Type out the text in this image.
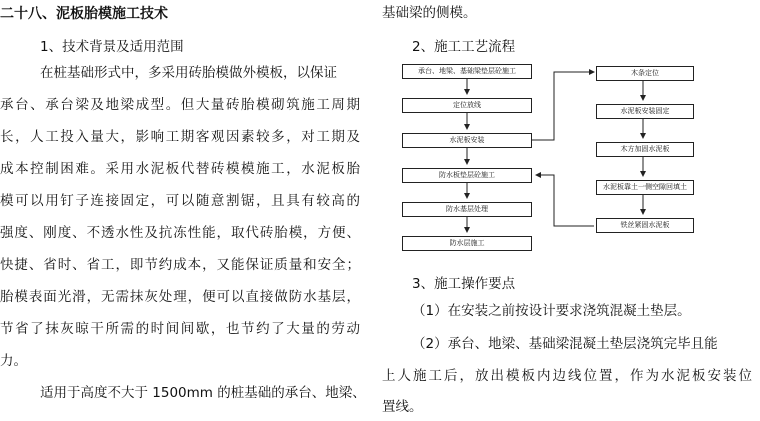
二十八、泥板胎模施工技术
1、技术背景及适用范围
在桩基础形式中，多采用砖胎模做外模板，以保证
承台、承台梁及地梁成型。但大量砖胎模砌筑施工周期
长，人工投入量大，影响工期客观因素较多，对工期及
成本控制困难。采用水泥板代替砖模模施工，水泥板胎
模可以用钉子连接固定，可以随意割锯，且具有较高的
强度、刚度、不透水性及抗冻性能，取代砖胎模，方便、
快捷、省时、省工，即节约成本，又能保证质量和安全；
胎模表面光滑，无需抹灰处理，便可以直接做防水基层，
节省了抹灰晾干所需的时间间歇，也节约了大量的劳动
力。
适用于高度不大于 1500mm 的桩基础的承台、地梁、
基础梁的侧模。
2、施工工艺流程
承台、地梁、基础梁垫层砼施工
定位放线
水泥板安装
防水板垫层砼施工
防水基层处理
防水层施工
木条定位
水泥板安装固定
木方加固水泥板
水泥板靠土一侧空隙回填土
铁丝紧固水泥板
3、施工操作要点
（1）在安装之前按设计要求浇筑混凝土垫层。
（2）承台、地梁、基础梁混凝土垫层浇筑完毕且能
上人施工后，放出模板内边线位置，作为水泥板安装位
置线。
